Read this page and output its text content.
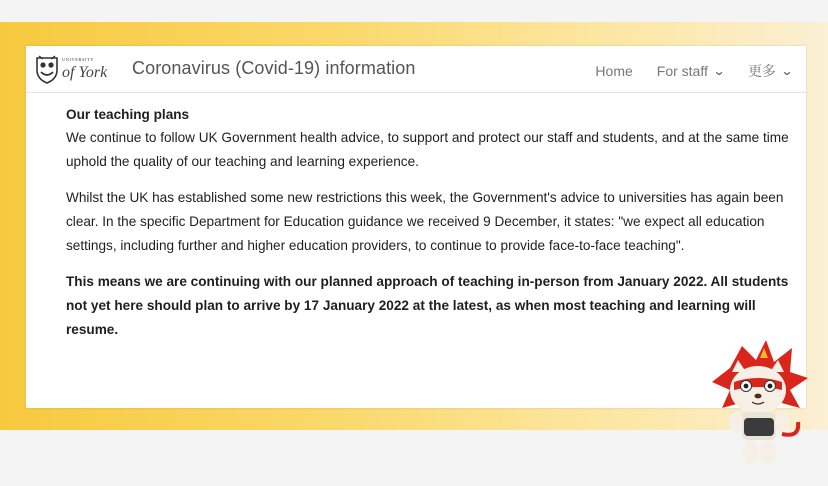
UNIVERSITY
of York Coronavirus (Covid-19) information	Home For staff ⌄ 更多 ⌄
Our teaching plans

We continue to follow UK Government health advice, to support and protect our staff and students, and at the same time uphold the quality of our teaching and learning experience.

Whilst the UK has established some new restrictions this week, the Government's advice to universities has again been clear. In the specific Department for Education guidance we received 9 December, it states: "we expect all education settings, including further and higher education providers, to continue to provide face-to-face teaching".

This means we are continuing with our planned approach of teaching in-person from January 2022. All students not yet here should plan to arrive by 17 January 2022 at the latest, as when most teaching and learning will resume.
